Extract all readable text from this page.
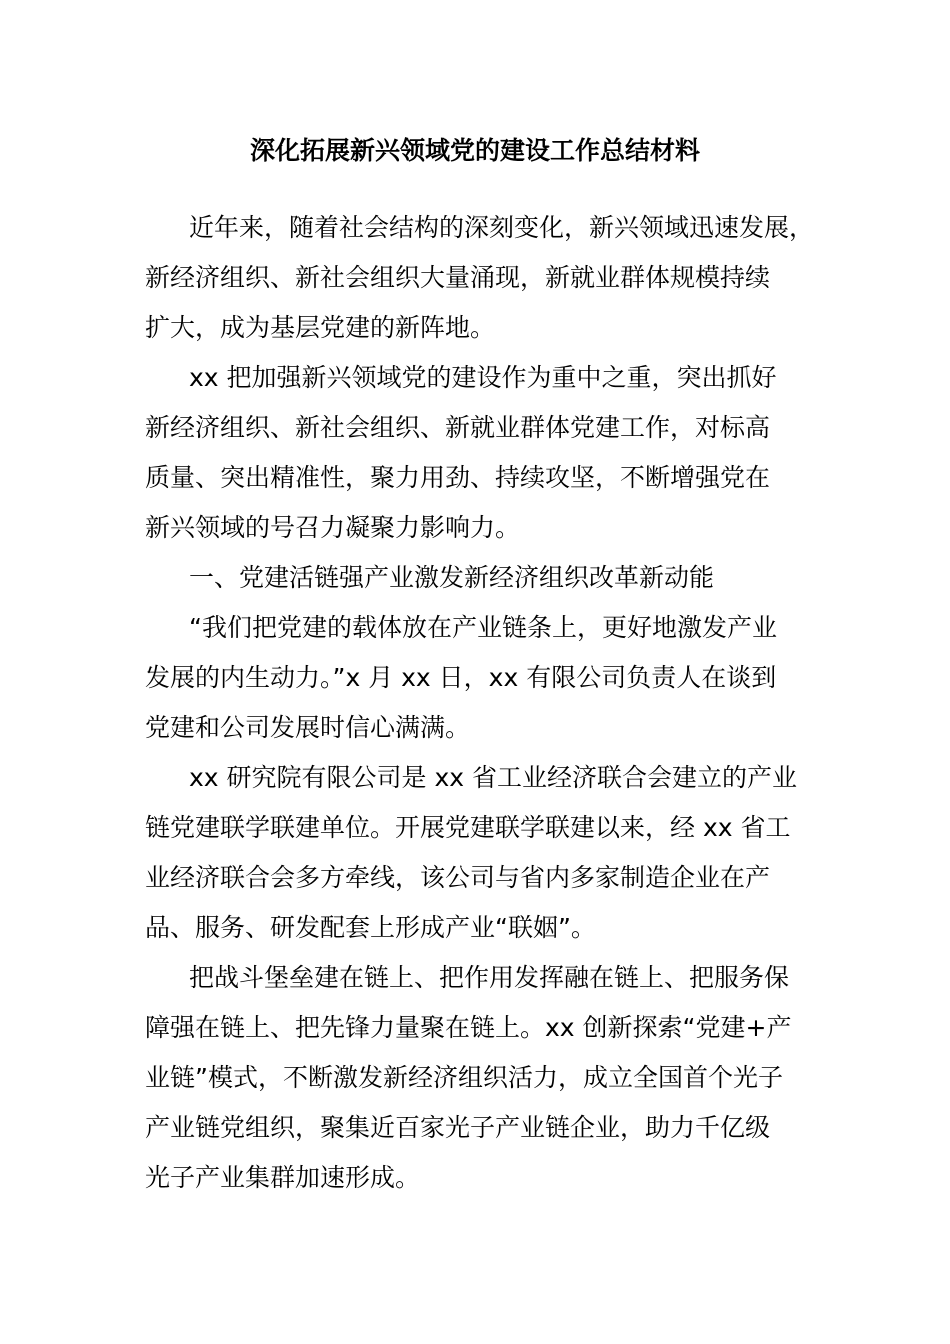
深化拓展新兴领域党的建设工作总结材料
近年来，随着社会结构的深刻变化，新兴领域迅速发展，
新经济组织、新社会组织大量涌现，新就业群体规模持续
扩大，成为基层党建的新阵地。
xx 把加强新兴领域党的建设作为重中之重，突出抓好
新经济组织、新社会组织、新就业群体党建工作，对标高
质量、突出精准性，聚力用劲、持续攻坚，不断增强党在
新兴领域的号召力凝聚力影响力。
一、党建活链强产业激发新经济组织改革新动能
“我们把党建的载体放在产业链条上，更好地激发产业
发展的内生动力。”x 月 xx 日，xx 有限公司负责人在谈到
党建和公司发展时信心满满。
xx 研究院有限公司是 xx 省工业经济联合会建立的产业
链党建联学联建单位。开展党建联学联建以来，经 xx 省工
业经济联合会多方牵线，该公司与省内多家制造企业在产
品、服务、研发配套上形成产业“联姻”。
把战斗堡垒建在链上、把作用发挥融在链上、把服务保
障强在链上、把先锋力量聚在链上。xx 创新探索“党建+产
业链”模式，不断激发新经济组织活力，成立全国首个光子
产业链党组织，聚集近百家光子产业链企业，助力千亿级
光子产业集群加速形成。
